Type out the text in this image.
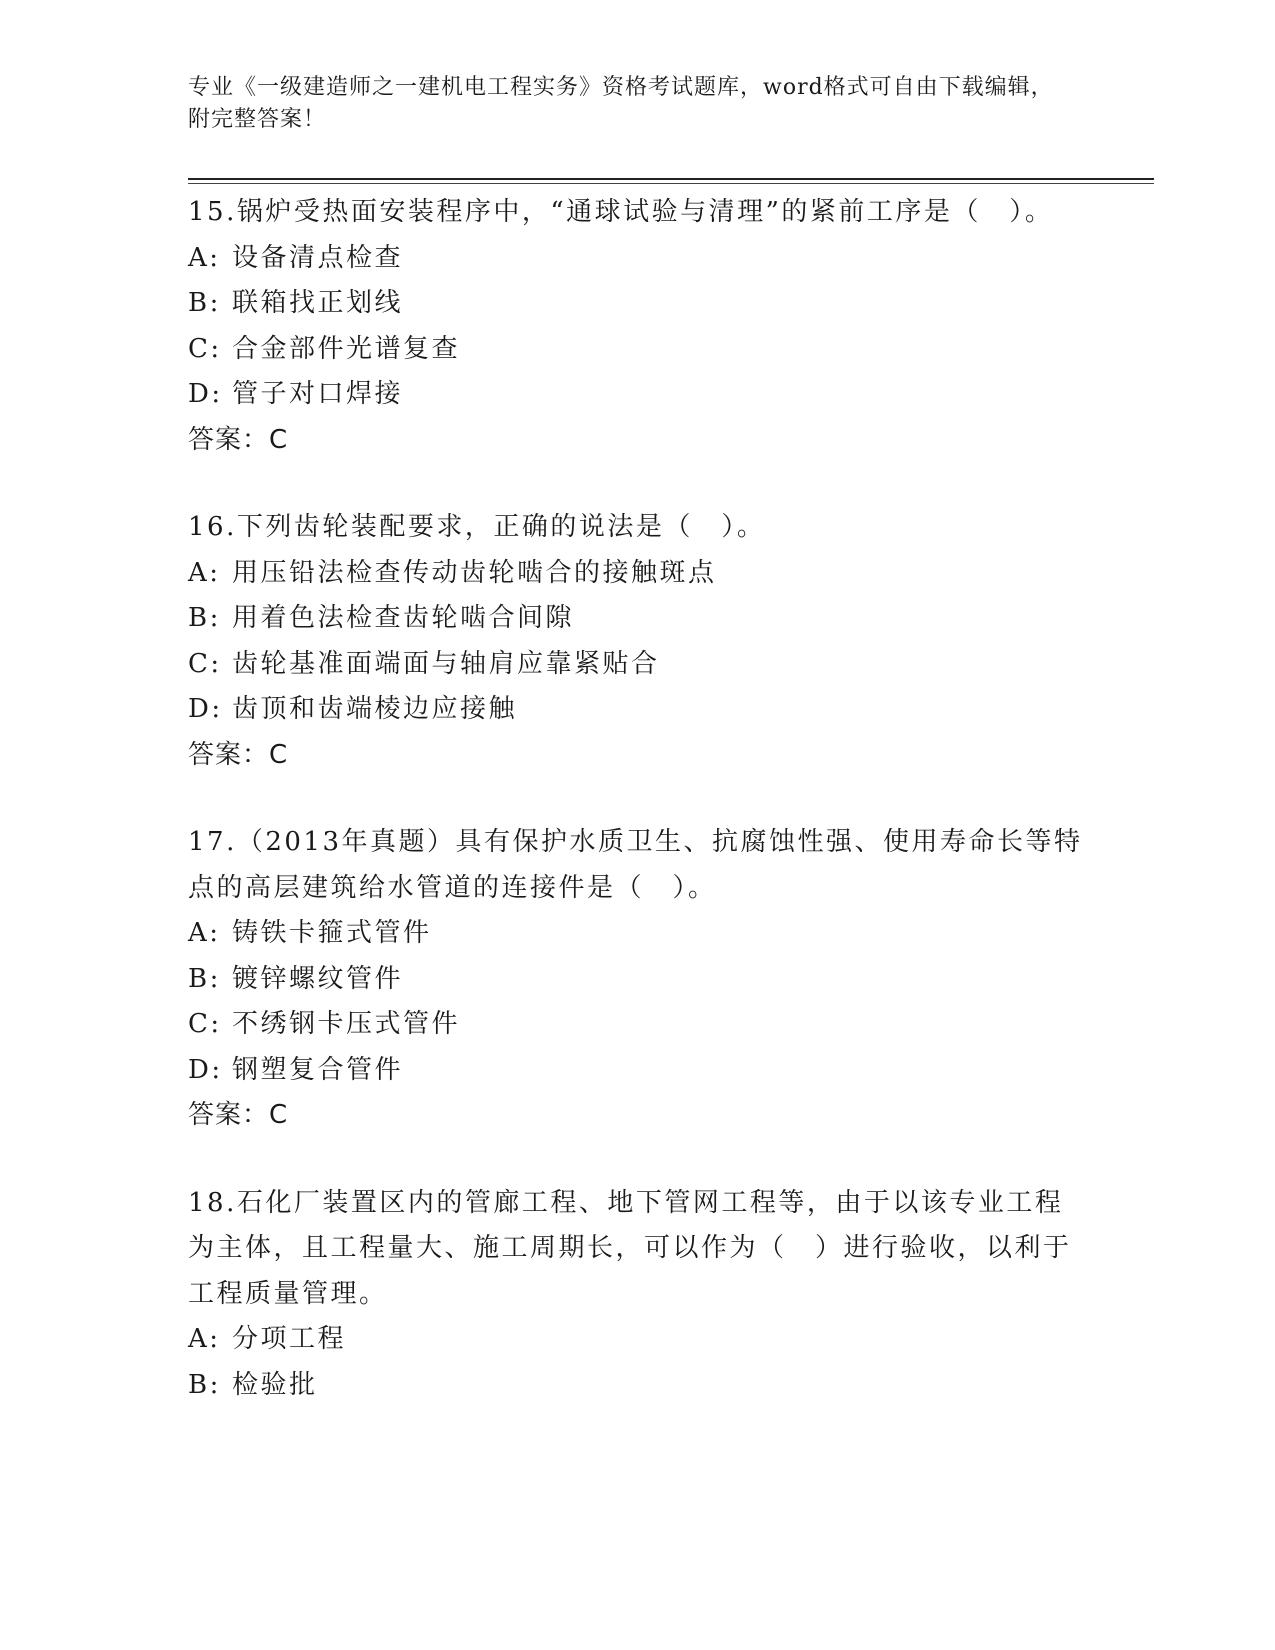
专业《一级建造师之一建机电工程实务》资格考试题库，word格式可自由下载编辑，附完整答案！

15.锅炉受热面安装程序中，“通球试验与清理”的紧前工序是（　）。

A: 设备清点检查
B: 联箱找正划线
C: 合金部件光谱复查
D: 管子对口焊接
答案：C

16.下列齿轮装配要求，正确的说法是（　）。

A: 用压铅法检查传动齿轮啮合的接触斑点
B: 用着色法检查齿轮啮合间隙
C: 齿轮基准面端面与轴肩应靠紧贴合
D: 齿顶和齿端棱边应接触
答案：C

17.（2013年真题）具有保护水质卫生、抗腐蚀性强、使用寿命长等特点的高层建筑给水管道的连接件是（　）。

A: 铸铁卡箍式管件
B: 镀锌螺纹管件
C: 不绣钢卡压式管件
D: 钢塑复合管件
答案：C

18.石化厂装置区内的管廊工程、地下管网工程等，由于以该专业工程为主体，且工程量大、施工周期长，可以作为（　）进行验收，以利于工程质量管理。

A: 分项工程
B: 检验批
